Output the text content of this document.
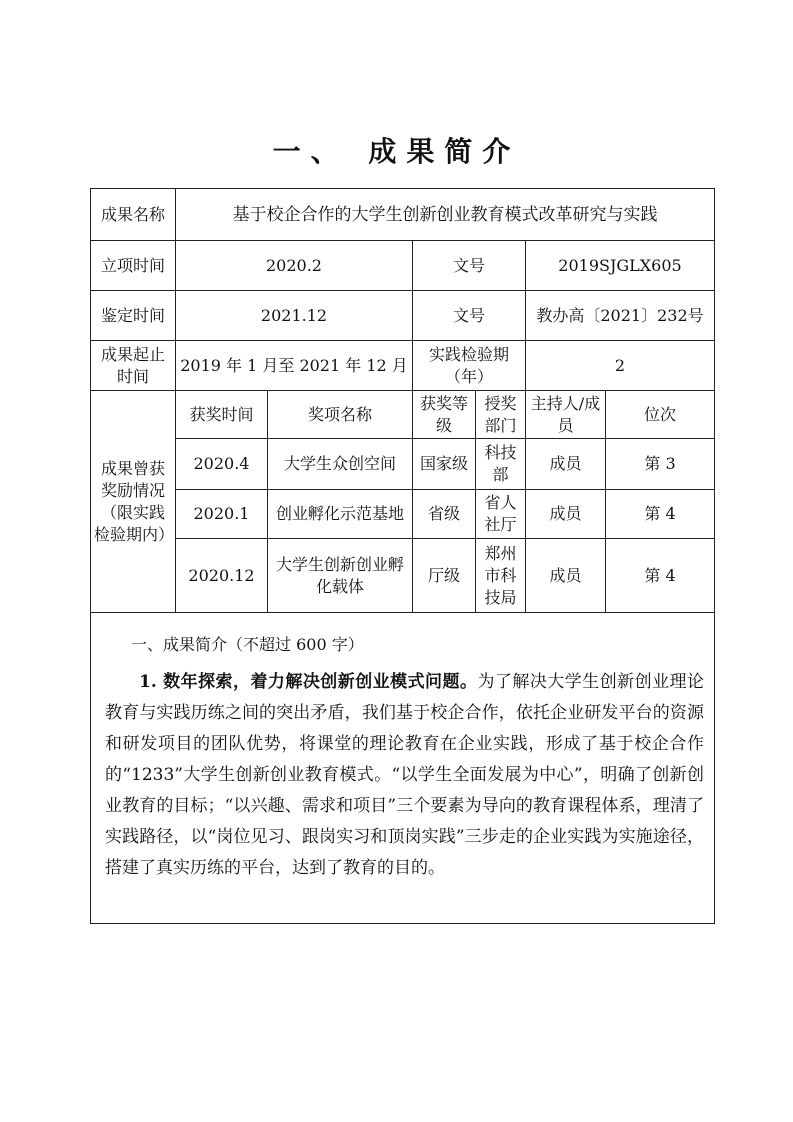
一、 成果简介
成果名称	基于校企合作的大学生创新创业教育模式改革研究与实践					
立项时间	2020.2		文号		2019SJGLX605	
鉴定时间	2021.12		文号		教办高〔2021〕232号	
成果起止时间	2019 年 1 月至 2021 年 12 月		实践检验期（年）		2	
成果曾获奖励情况（限实践检验期内）	获奖时间	奖项名称	获奖等级	授奖部门	主持人/成员	位次
	2020.4	大学生众创空间	国家级	科技部	成员	第 3
	2020.1	创业孵化示范基地	省级	省人社厅	成员	第 4
	2020.12	大学生创新创业孵化载体	厅级	郑州市科技局	成员	第 4

一、成果简介（不超过 600 字）

1. 数年探索，着力解决创新创业模式问题。为了解决大学生创新创业理论教育与实践历练之间的突出矛盾，我们基于校企合作，依托企业研发平台的资源和研发项目的团队优势，将课堂的理论教育在企业实践，形成了基于校企合作的“1233”大学生创新创业教育模式。“以学生全面发展为中心”，明确了创新创业教育的目标；“以兴趣、需求和项目”三个要素为导向的教育课程体系，理清了实践路径，以“岗位见习、跟岗实习和顶岗实践”三步走的企业实践为实施途径，搭建了真实历练的平台，达到了教育的目的。						
